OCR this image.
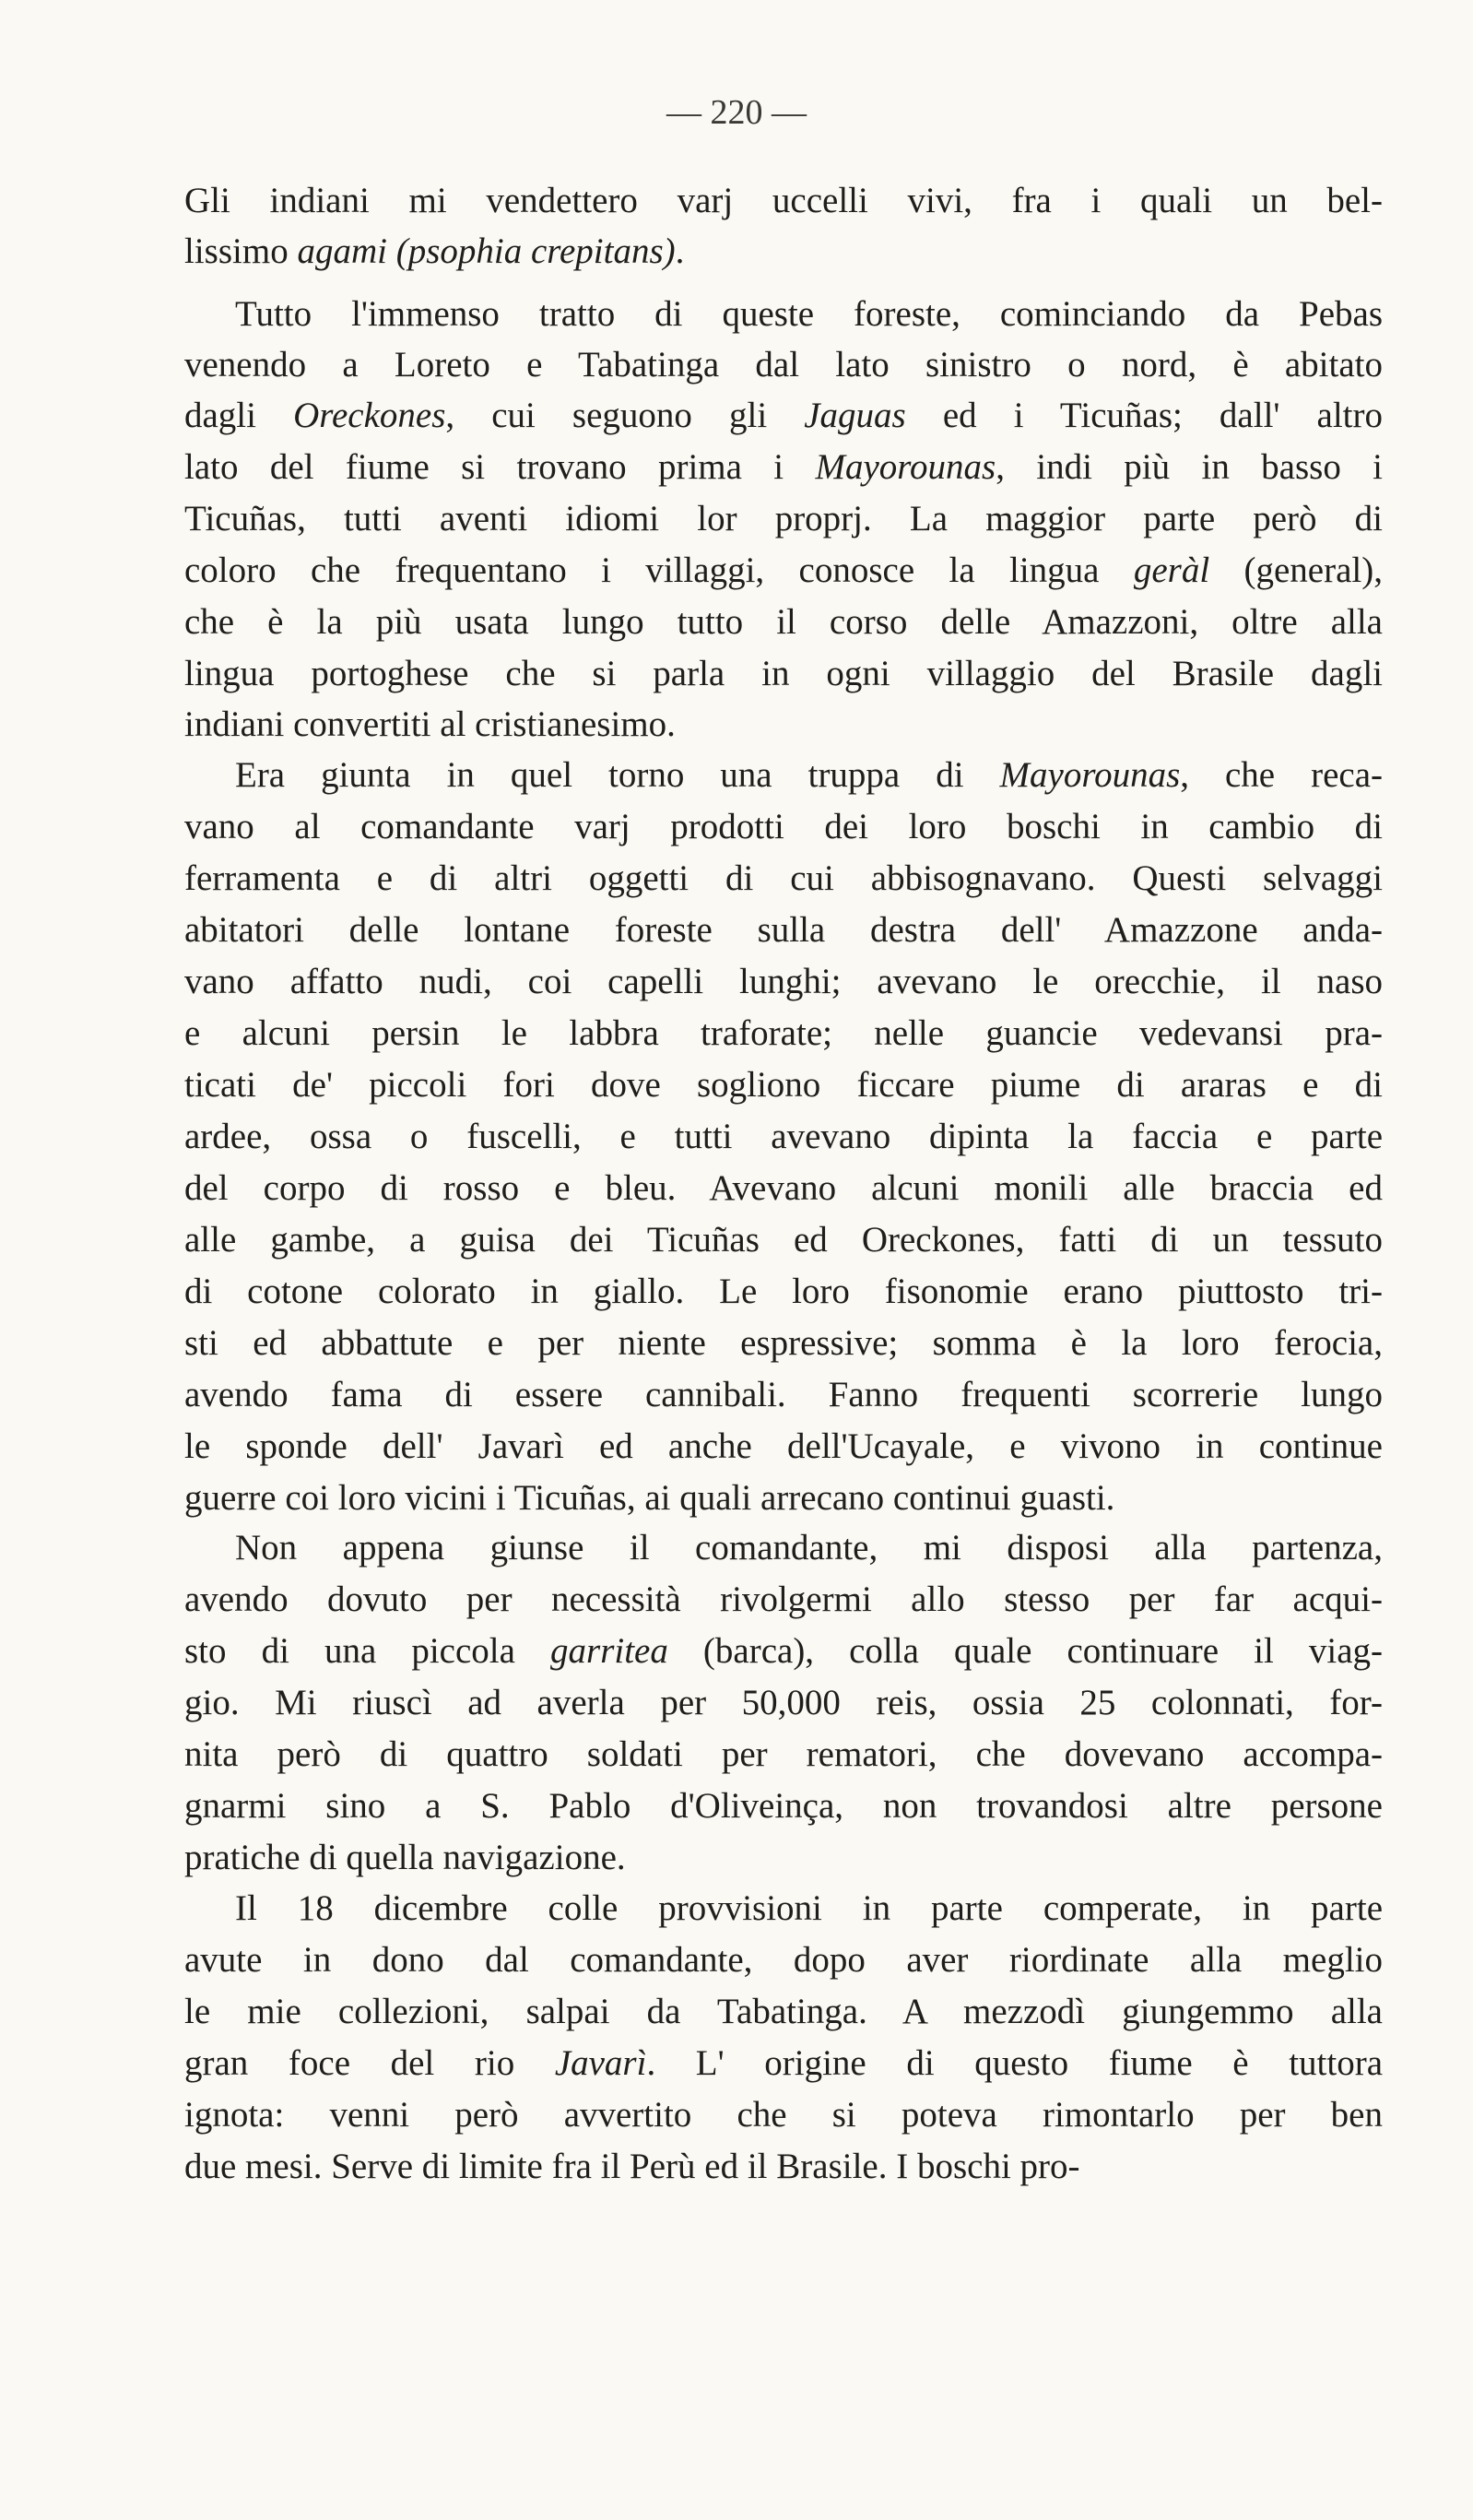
— 220 —
Gli indiani mi vendettero varj uccelli vivi, fra i quali un bel-
lissimo agami (psophia crepitans).
Tutto l'immenso tratto di queste foreste, cominciando da Pebas
venendo a Loreto e Tabatinga dal lato sinistro o nord, è abitato
dagli Oreckones, cui seguono gli Jaguas ed i Ticuñas; dall' altro
lato del fiume si trovano prima i Mayorounas, indi più in basso i
Ticuñas, tutti aventi idiomi lor proprj. La maggior parte però di
coloro che frequentano i villaggi, conosce la lingua geràl (general),
che è la più usata lungo tutto il corso delle Amazzoni, oltre alla
lingua portoghese che si parla in ogni villaggio del Brasile dagli
indiani convertiti al cristianesimo.
Era giunta in quel torno una truppa di Mayorounas, che reca-
vano al comandante varj prodotti dei loro boschi in cambio di
ferramenta e di altri oggetti di cui abbisognavano. Questi selvaggi
abitatori delle lontane foreste sulla destra dell' Amazzone anda-
vano affatto nudi, coi capelli lunghi; avevano le orecchie, il naso
e alcuni persin le labbra traforate; nelle guancie vedevansi pra-
ticati de' piccoli fori dove sogliono ficcare piume di araras e di
ardee, ossa o fuscelli, e tutti avevano dipinta la faccia e parte
del corpo di rosso e bleu. Avevano alcuni monili alle braccia ed
alle gambe, a guisa dei Ticuñas ed Oreckones, fatti di un tessuto
di cotone colorato in giallo. Le loro fisonomie erano piuttosto tri-
sti ed abbattute e per niente espressive; somma è la loro ferocia,
avendo fama di essere cannibali. Fanno frequenti scorrerie lungo
le sponde dell' Javarì ed anche dell'Ucayale, e vivono in continue
guerre coi loro vicini i Ticuñas, ai quali arrecano continui guasti.
Non appena giunse il comandante, mi disposi alla partenza,
avendo dovuto per necessità rivolgermi allo stesso per far acqui-
sto di una piccola garritea (barca), colla quale continuare il viag-
gio. Mi riuscì ad averla per 50,000 reis, ossia 25 colonnati, for-
nita però di quattro soldati per rematori, che dovevano accompa-
gnarmi sino a S. Pablo d'Oliveinça, non trovandosi altre persone
pratiche di quella navigazione.
Il 18 dicembre colle provvisioni in parte comperate, in parte
avute in dono dal comandante, dopo aver riordinate alla meglio
le mie collezioni, salpai da Tabatinga. A mezzodì giungemmo alla
gran foce del rio Javarì. L' origine di questo fiume è tuttora
ignota: venni però avvertito che si poteva rimontarlo per ben
due mesi. Serve di limite fra il Perù ed il Brasile. I boschi pro-
